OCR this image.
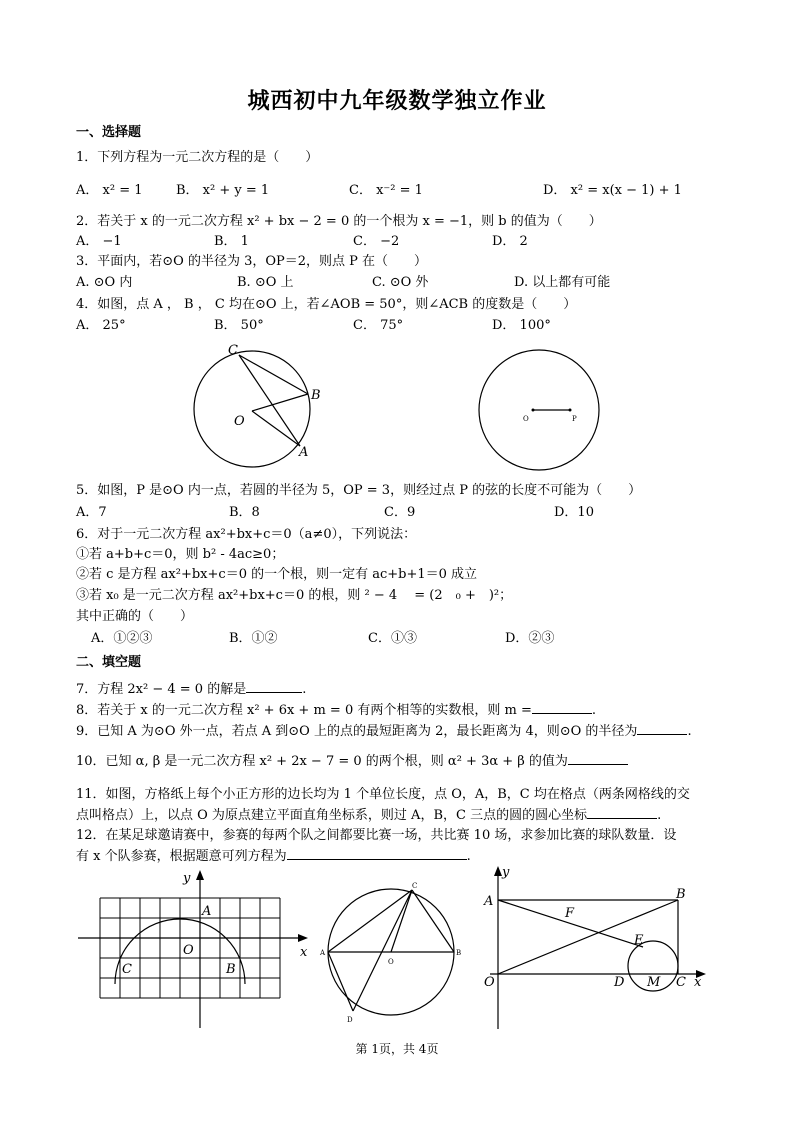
城西初中九年级数学独立作业
一、选择题
1．下列方程为一元二次方程的是（　　）
A． x² = 1	B． x² + y = 1	C． x⁻² = 1	D． x² = x(x − 1) + 1
2．若关于 x 的一元二次方程 x² + bx − 2 = 0 的一个根为 x = −1，则 b 的值为（　　）
A． −1	B． 1	C． −2	D． 2
3．平面内，若⊙O 的半径为 3，OP＝2，则点 P 在（　　）
A. ⊙O 内	B. ⊙O 上	C. ⊙O 外	D. 以上都有可能
4．如图，点 A ， B ， C 均在⊙O 上，若∠AOB = 50°，则∠ACB 的度数是（　　）
A． 25°	B． 50°	C． 75°	D． 100°
C
B
O
A
O	P
5．如图，P 是⊙O 内一点，若圆的半径为 5，OP = 3，则经过点 P 的弦的长度不可能为（　　）
A．7	B．8	C．9	D．10
6．对于一元二次方程 ax²+bx+c＝0（a≠0），下列说法：
①若 a+b+c＝0，则 b² - 4ac≥0；
②若 c 是方程 ax²+bx+c＝0 的一个根，则一定有 ac+b+1＝0 成立
③若 x₀ 是一元二次方程 ax²+bx+c＝0 的根，则 ² − 4　 = (2　₀ +　)²；
其中正确的（　　）
A．①②③	B．①②	C．①③	D．②③
二、填空题
7．方程 2x² − 4 = 0 的解是	.
8．若关于 x 的一元二次方程 x² + 6x + m = 0 有两个相等的实数根，则 m =	.
9．已知 A 为⊙O 外一点，若点 A 到⊙O 上的点的最短距离为 2，最长距离为 4，则⊙O 的半径为	.
10．已知 α, β 是一元二次方程 x² + 2x − 7 = 0 的两个根，则 α² + 3α + β 的值为
11．如图，方格纸上每个小正方形的边长均为 1 个单位长度，点 O，A，B，C 均在格点（两条网格线的交
点叫格点）上，以点 O 为原点建立平面直角坐标系，则过 A，B，C 三点的圆的圆心坐标	.
12．在某足球邀请赛中，参赛的每两个队之间都要比赛一场，共比赛 10 场，求参加比赛的球队数量．设
有 x 个队参赛，根据题意可列方程为	.
y
x
A
O
C	B
C
A
O
B
D
y
A	B
F
E
O	D M C x
第 1页，共 4页
